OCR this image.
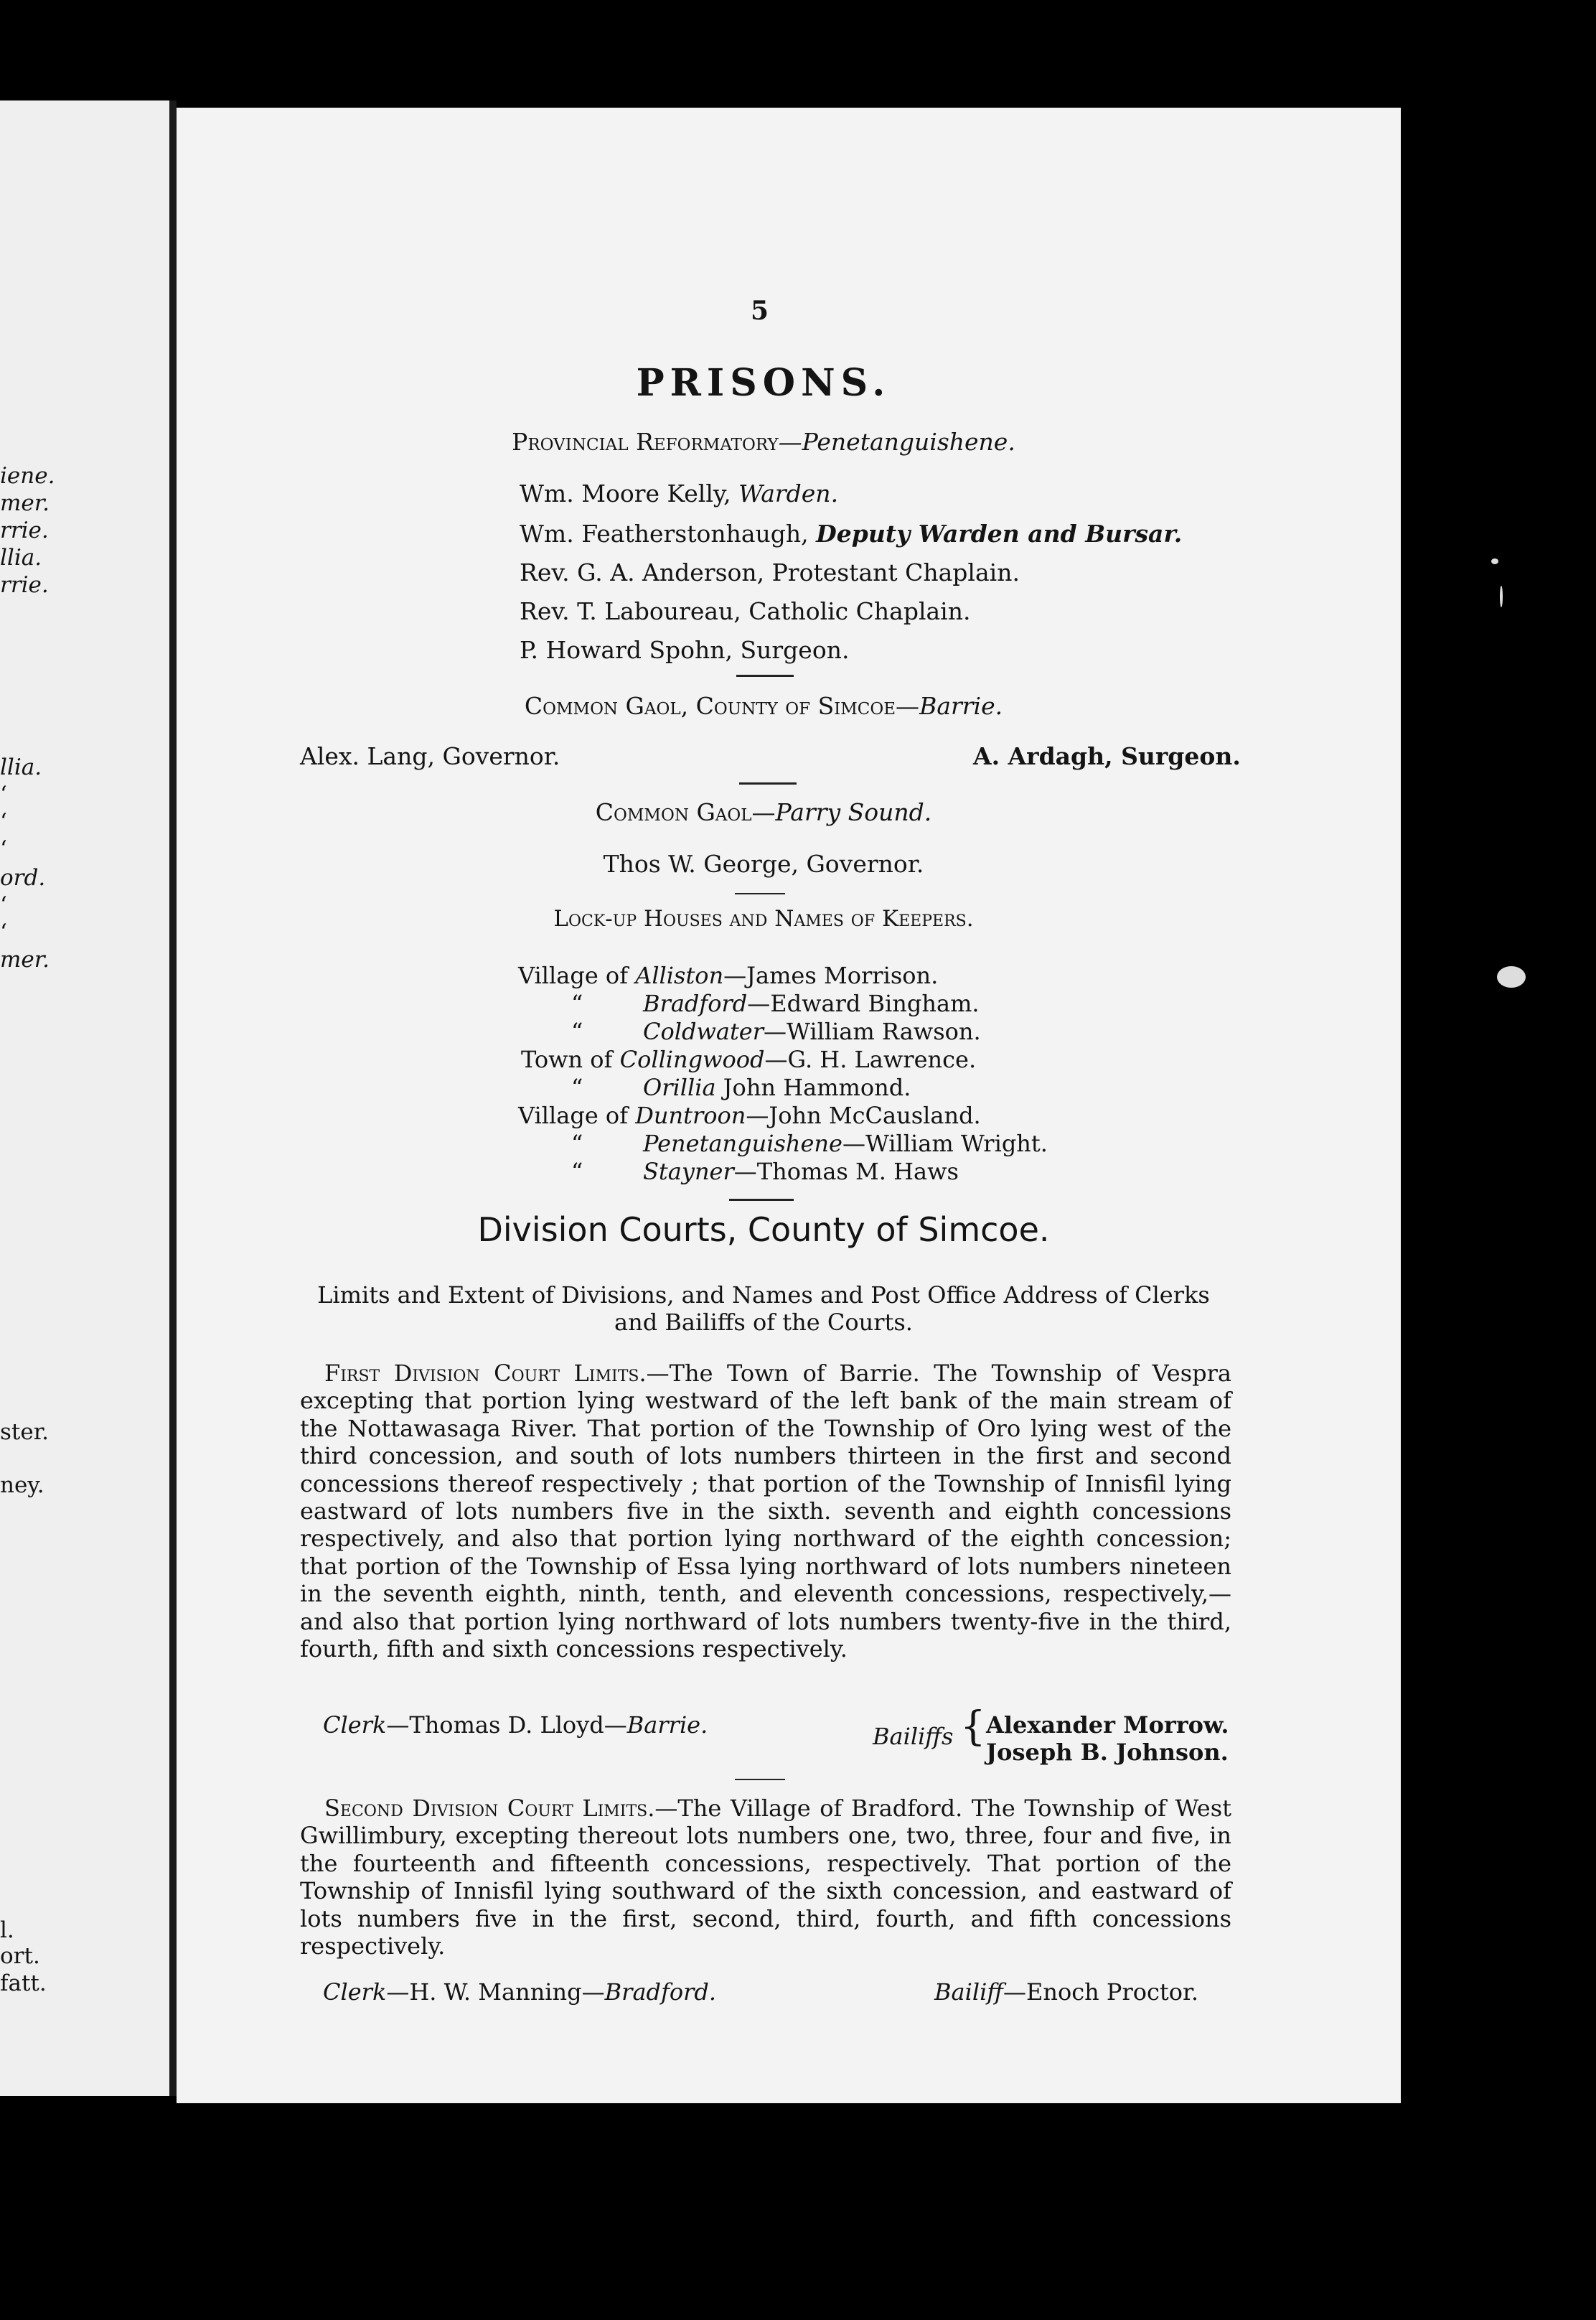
iene.
mer.
rrie.
llia.
rrie.
llia.
‘
‘
‘
ord.
‘
‘
mer.
ster.
ney.
l.
ort.
fatt.
5
PRISONS.
Provincial Reformatory—Penetanguishene.
Wm. Moore Kelly, Warden.
Wm. Featherstonhaugh, Deputy Warden and Bursar.
Rev. G. A. Anderson, Protestant Chaplain.
Rev. T. Laboureau, Catholic Chaplain.
P. Howard Spohn, Surgeon.
Common Gaol, County of Simcoe—Barrie.
Alex. Lang, Governor.	A. Ardagh, Surgeon.
Common Gaol—Parry Sound.
Thos W. George, Governor.
Lock-up Houses and Names of Keepers.
Village of Alliston—James Morrison.
“	Bradford—Edward Bingham.
“	Coldwater—William Rawson.
Town of Collingwood—G. H. Lawrence.
“	Orillia John Hammond.
Village of Duntroon—John McCausland.
“	Penetanguishene—William Wright.
“	Stayner—Thomas M. Haws
Division Courts, County of Simcoe.
Limits and Extent of Divisions, and Names and Post Office Address of Clerks and Bailiffs of the Courts.

First Division Court Limits.—The Town of Barrie. The Township of Vespra excepting that portion lying westward of the left bank of the main stream of the Nottawasaga River. That portion of the Township of Oro lying west of the third concession, and south of lots numbers thirteen in the first and second concessions thereof respectively ; that portion of the Township of Innisfil lying eastward of lots numbers five in the sixth. seventh and eighth concessions respectively, and also that portion lying northward of the eighth concession; that portion of the Township of Essa lying northward of lots numbers nineteen in the seventh eighth, ninth, tenth, and eleventh concessions, respectively,—and also that portion lying northward of lots numbers twenty-five in the third, fourth, fifth and sixth concessions respectively.

Clerk—Thomas D. Lloyd—Barrie.	Bailiffs { Alexander Morrow.
Joseph B. Johnson.

Second Division Court Limits.—The Village of Bradford. The Township of West Gwillimbury, excepting thereout lots numbers one, two, three, four and five, in the fourteenth and fifteenth concessions, respectively. That portion of the Township of Innisfil lying southward of the sixth concession, and eastward of lots numbers five in the first, second, third, fourth, and fifth concessions respectively.

Clerk—H. W. Manning—Bradford.	Bailiff—Enoch Proctor.
